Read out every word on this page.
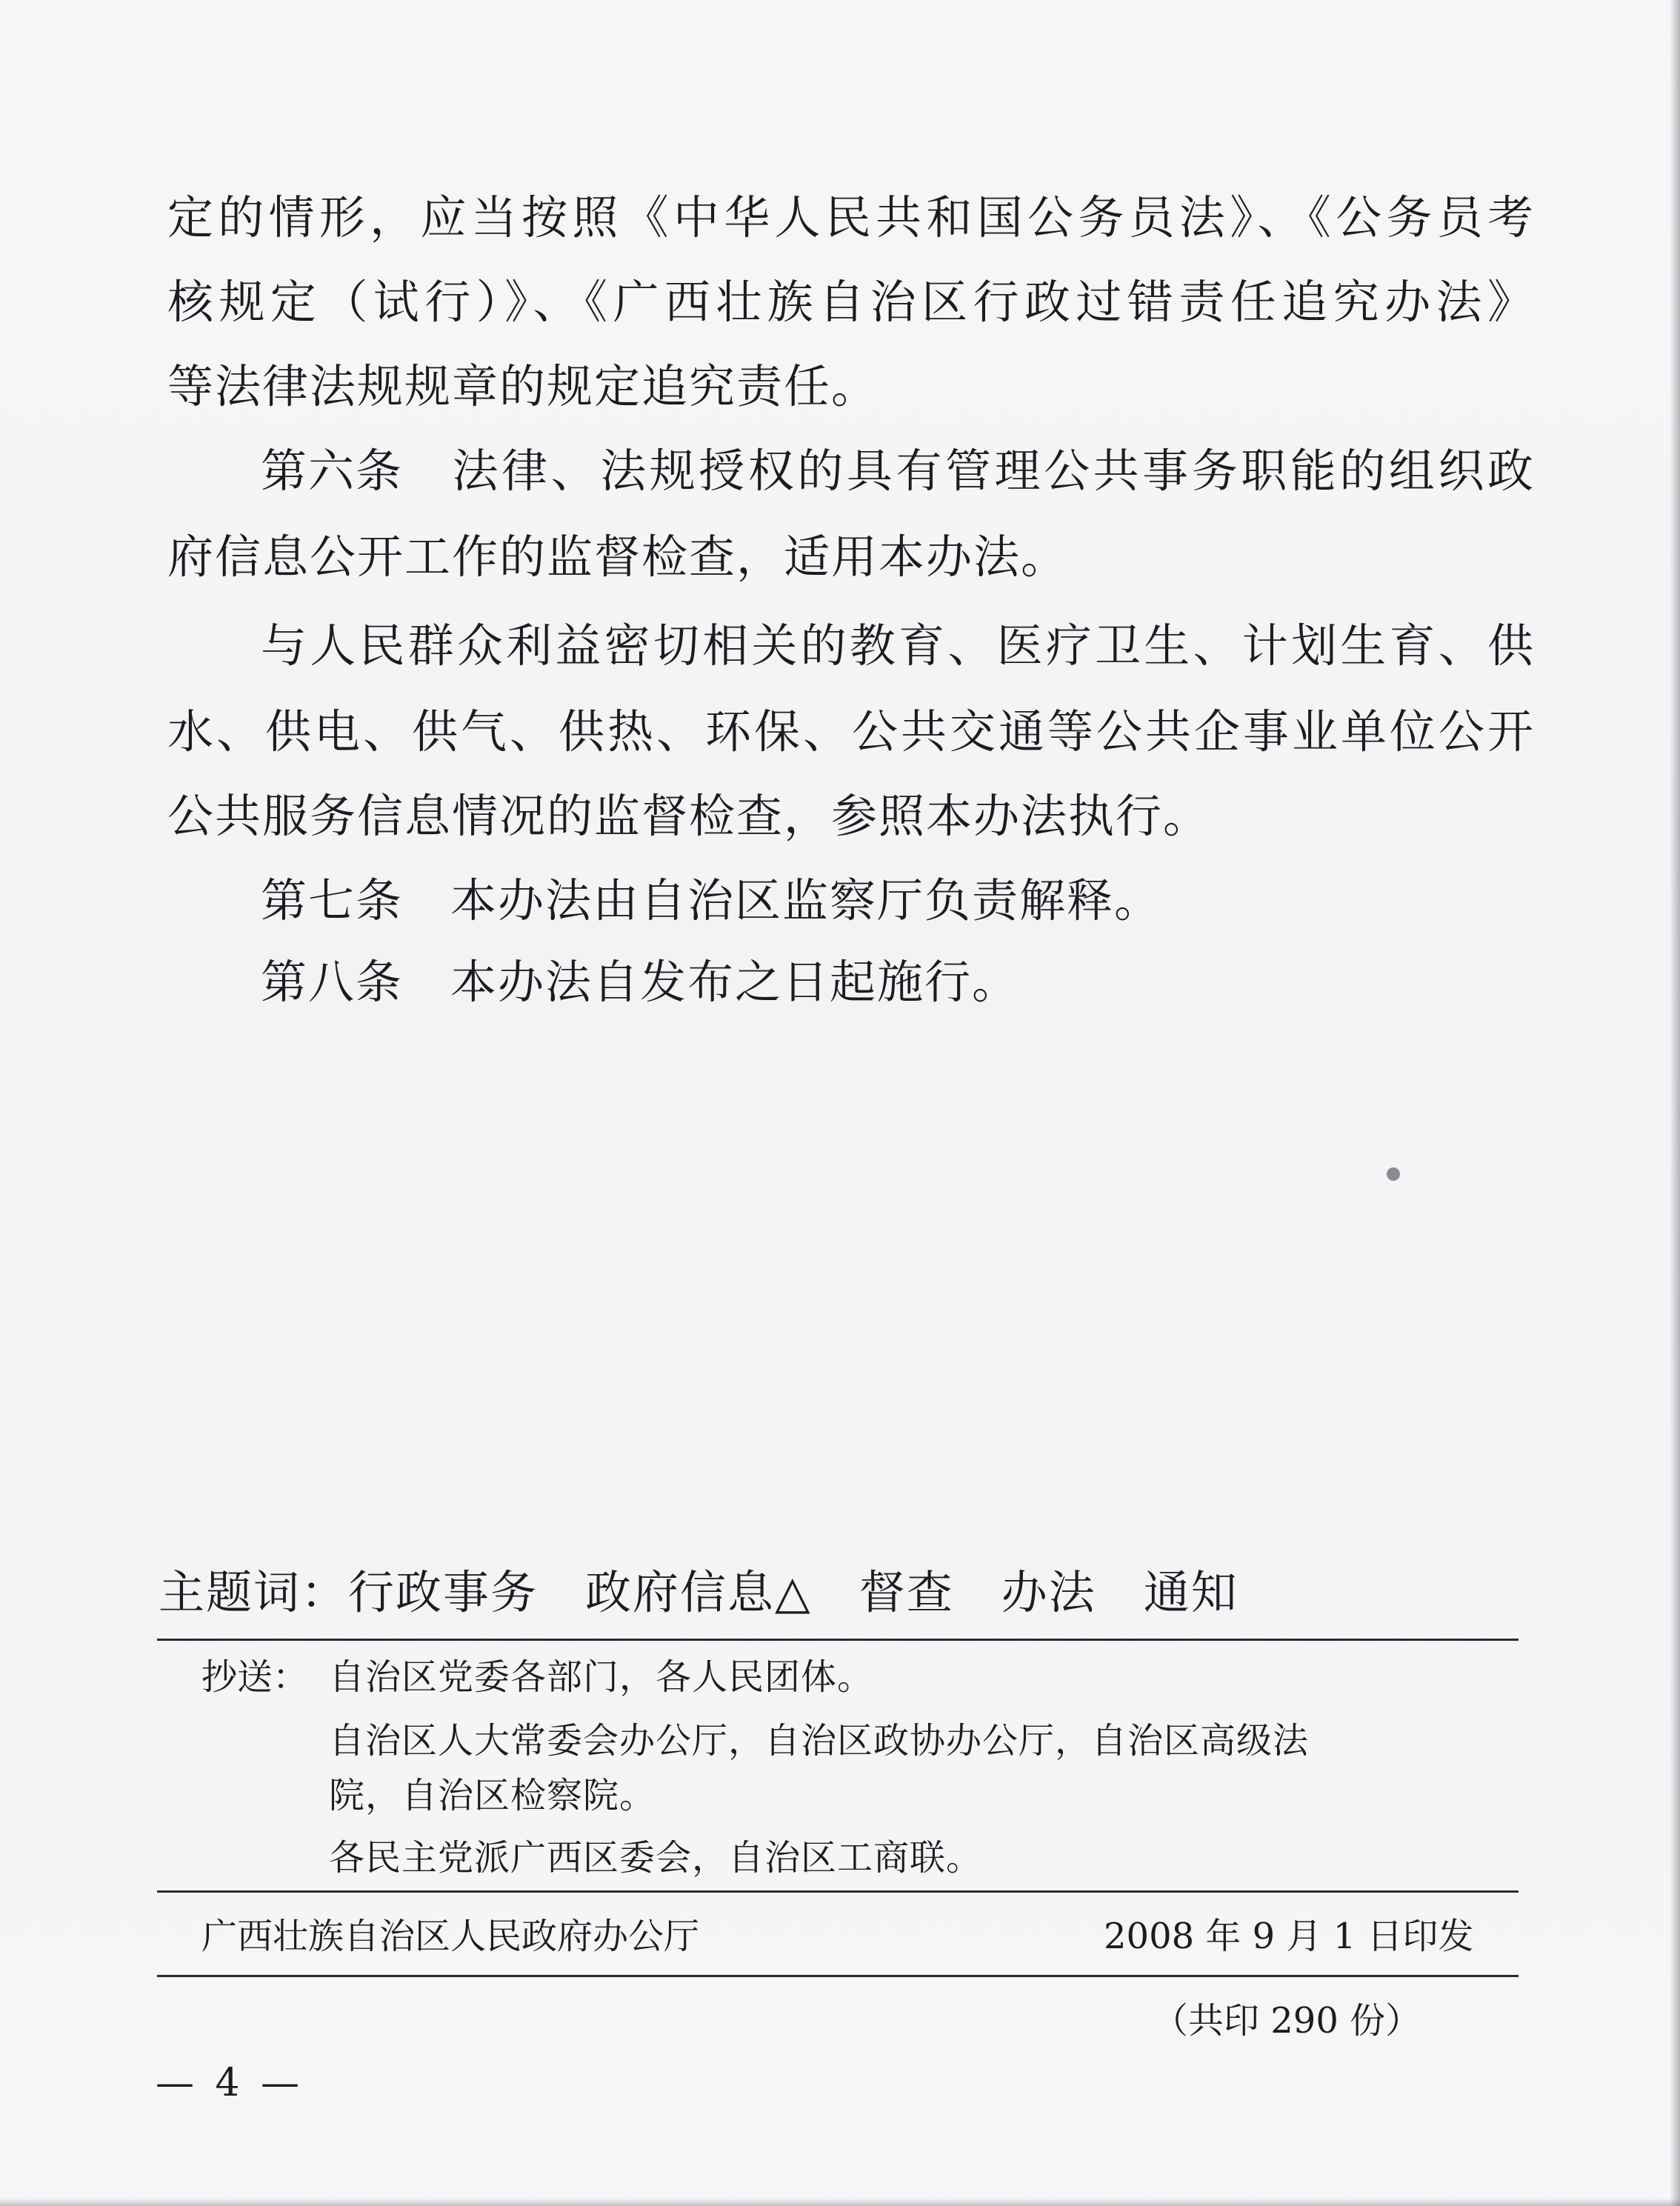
定的情形，应当按照《中华人民共和国公务员法》、《公务员考

核规定（试行）》、《广西壮族自治区行政过错责任追究办法》

等法律法规规章的规定追究责任。

第六条 法律、法规授权的具有管理公共事务职能的组织政

府信息公开工作的监督检查，适用本办法。

与人民群众利益密切相关的教育、医疗卫生、计划生育、供

水、供电、供气、供热、环保、公共交通等公共企事业单位公开

公共服务信息情况的监督检查，参照本办法执行。

第七条 本办法由自治区监察厅负责解释。

第八条 本办法自发布之日起施行。

主题词：行政事务 政府信息△ 督查 办法 通知
抄送： 自治区党委各部门，各人民团体。
自治区人大常委会办公厅，自治区政协办公厅，自治区高级法
院，自治区检察院。
各民主党派广西区委会，自治区工商联。
广西壮族自治区人民政府办公厅	2008 年 9 月 1 日印发
（共印 290 份）
— 4 —
